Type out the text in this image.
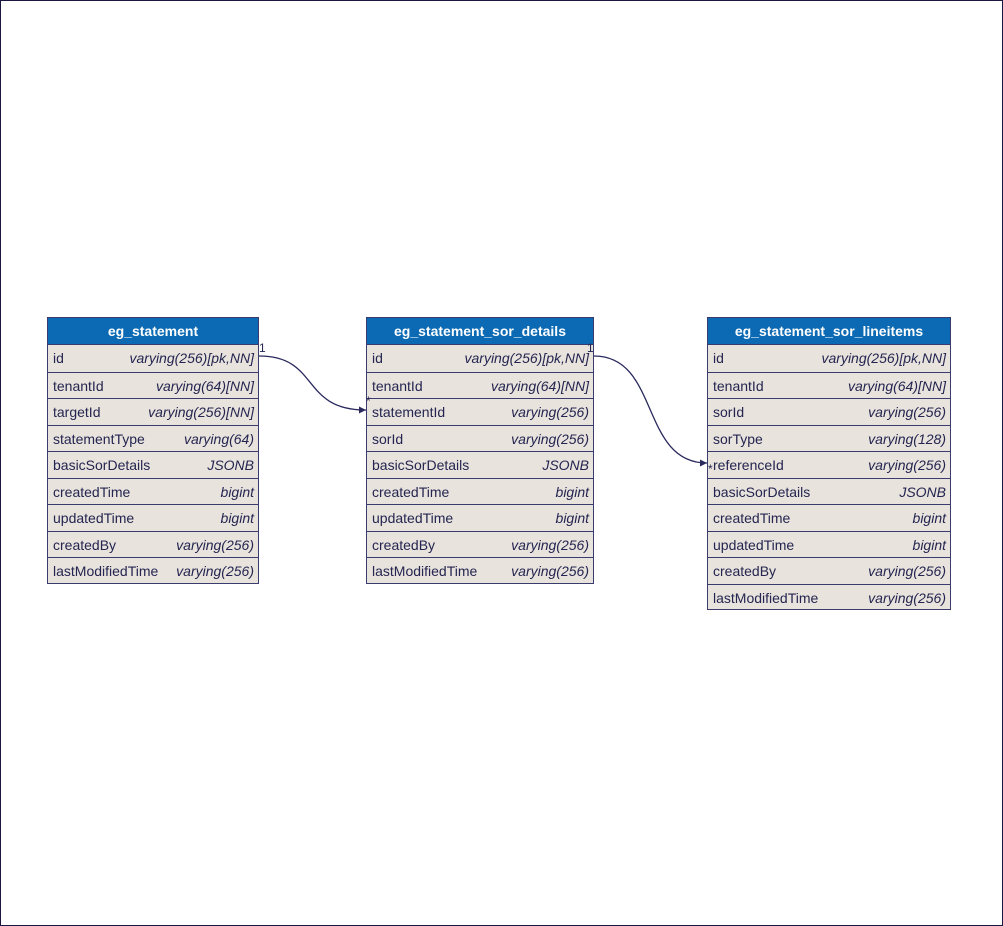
eg_statement
id	varying(256)[pk,NN]
tenantId	varying(64)[NN]
targetId	varying(256)[NN]
statementType	varying(64)
basicSorDetails	JSONB
createdTime	bigint
updatedTime	bigint
createdBy	varying(256)
lastModifiedTime varying(256)
eg_statement_sor_details
id	varying(256)[pk,NN]
tenantId	varying(64)[NN]
statementId	varying(256)
sorId	varying(256)
basicSorDetails	JSONB
createdTime	bigint
updatedTime	bigint
createdBy	varying(256)
lastModifiedTime varying(256)
eg_statement_sor_lineitems
id	varying(256)[pk,NN]
tenantId	varying(64)[NN]
sorId	varying(256)
sorType	varying(128)
referenceId	varying(256)
basicSorDetails	JSONB
createdTime	bigint
updatedTime	bigint
createdBy	varying(256)
lastModifiedTime	varying(256)
1
*
1
*
